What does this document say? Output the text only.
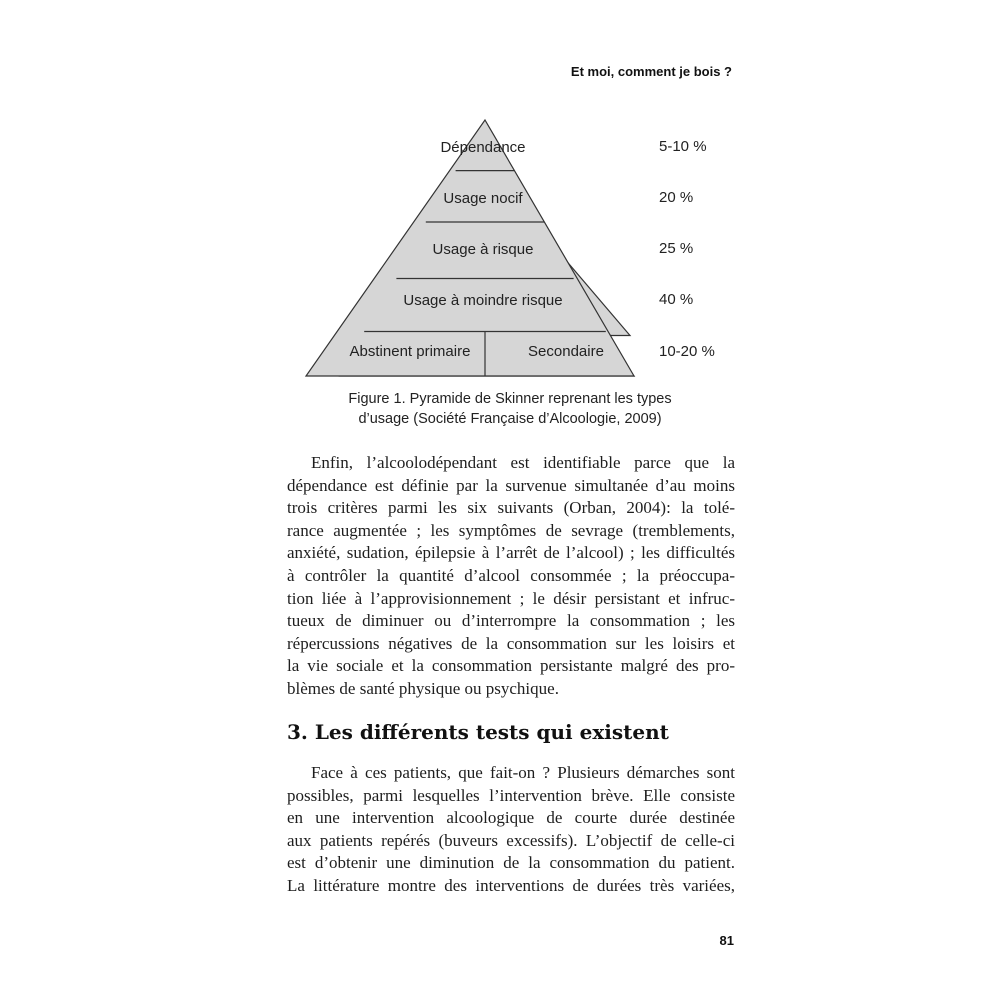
Et moi, comment je bois ?
Dépendance
Usage nocif
Usage à risque
Usage à moindre risque
Abstinent primaire	Secondaire
5-10 %
20 %
25 %
40 %
10-20 %
Figure 1. Pyramide de Skinner reprenant les types
d’usage (Société Française d’Alcoologie, 2009)
Enfin, l’alcoolodépendant est identifiable parce que la
dépendance est définie par la survenue simultanée d’au moins
trois critères parmi les six suivants (Orban, 2004): la tolé-
rance augmentée ; les symptômes de sevrage (tremblements,
anxiété, sudation, épilepsie à l’arrêt de l’alcool) ; les difficultés
à contrôler la quantité d’alcool consommée ; la préoccupa-
tion liée à l’approvisionnement ; le désir persistant et infruc-
tueux de diminuer ou d’interrompre la consommation ; les
répercussions négatives de la consommation sur les loisirs et
la vie sociale et la consommation persistante malgré des pro-
blèmes de santé physique ou psychique.
3. Les différents tests qui existent
Face à ces patients, que fait-on ? Plusieurs démarches sont
possibles, parmi lesquelles l’intervention brève. Elle consiste
en une intervention alcoologique de courte durée destinée
aux patients repérés (buveurs excessifs). L’objectif de celle-ci
est d’obtenir une diminution de la consommation du patient.
La littérature montre des interventions de durées très variées,
81
